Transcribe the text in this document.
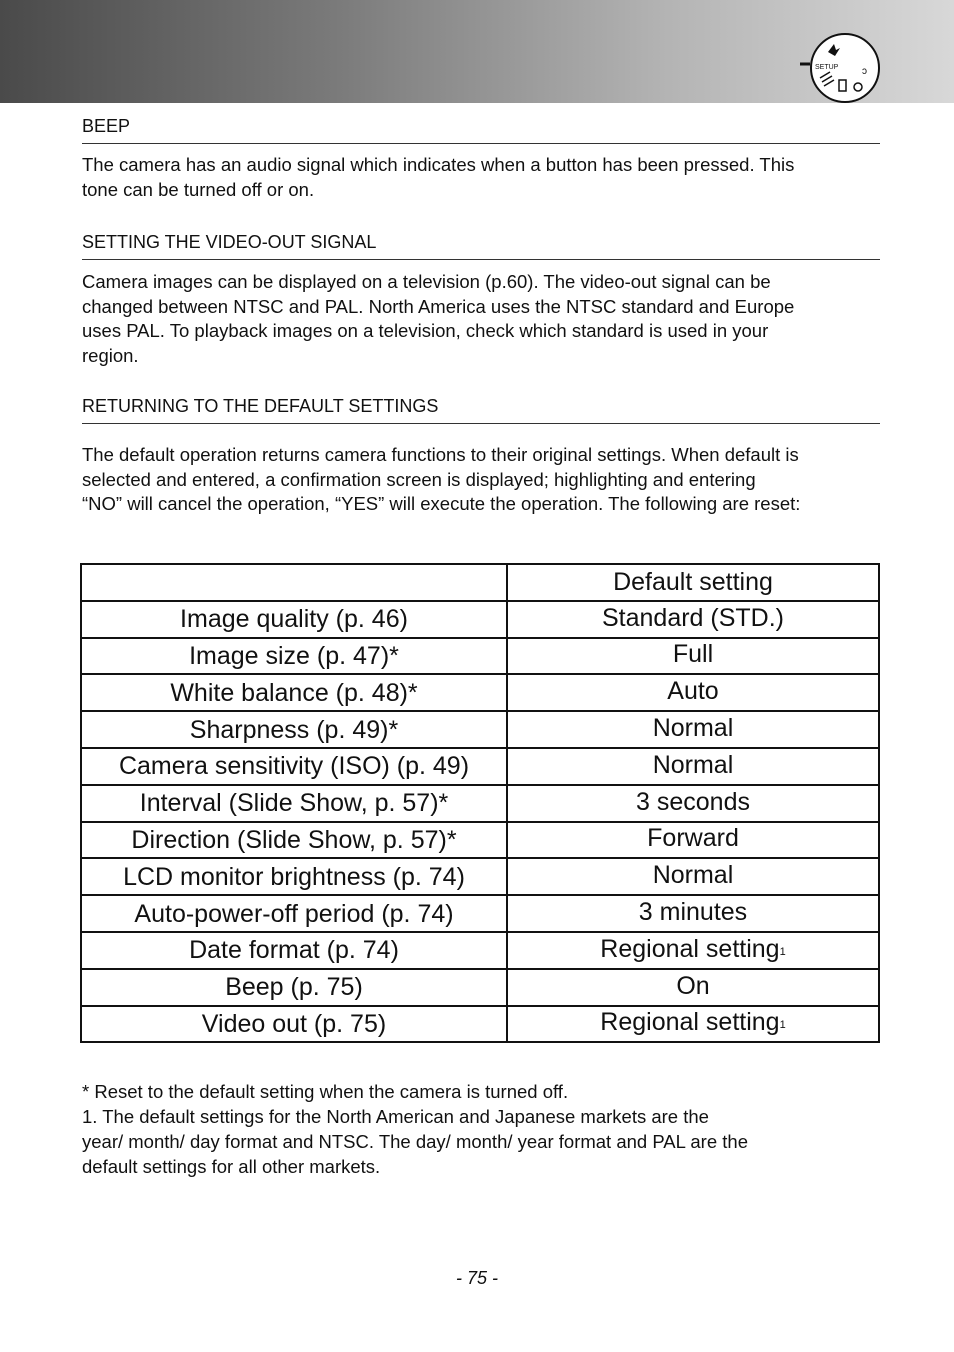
SETUP ɔ
BEEP
The camera has an audio signal which indicates when a button has been pressed. This
tone can be turned off or on.
SETTING THE VIDEO-OUT SIGNAL
Camera images can be displayed on a television (p.60). The video-out signal can be
changed between NTSC and PAL. North America uses the NTSC standard and Europe
uses PAL. To playback images on a television, check which standard is used in your
region.
RETURNING TO THE DEFAULT SETTINGS
The default operation returns camera functions to their original settings. When default is
selected and entered, a confirmation screen is displayed; highlighting and entering
“NO” will cancel the operation, “YES” will execute the operation. The following are reset:
	Default setting
Image quality (p. 46)	Standard (STD.)
Image size (p. 47)*	Full
White balance (p. 48)*	Auto
Sharpness (p. 49)*	Normal
Camera sensitivity (ISO) (p. 49)	Normal
Interval (Slide Show, p. 57)*	3 seconds
Direction (Slide Show, p. 57)*	Forward
LCD monitor brightness (p. 74)	Normal
Auto-power-off period (p. 74)	3 minutes
Date format (p. 74)	Regional setting$^1$
Beep (p. 75)	On
Video out (p. 75)	Regional setting$^1$
* Reset to the default setting when the camera is turned off.
1. The default settings for the North American and Japanese markets are the
year/ month/ day format and NTSC. The day/ month/ year format and PAL are the
default settings for all other markets.
- 75 -
